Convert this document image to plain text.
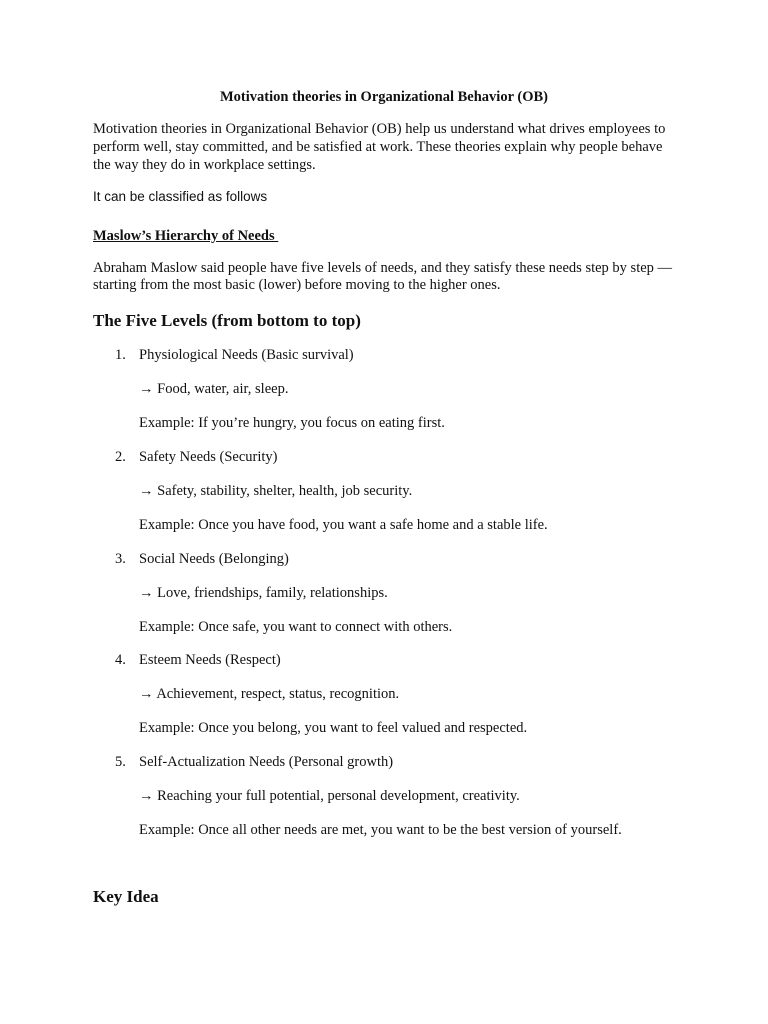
Motivation theories in Organizational Behavior (OB)
Motivation theories in Organizational Behavior (OB) help us understand what drives employees to perform well, stay committed, and be satisfied at work. These theories explain why people behave the way they do in workplace settings.
It can be classified as follows
Maslow’s Hierarchy of Needs
Abraham Maslow said people have five levels of needs, and they satisfy these needs step by step — starting from the most basic (lower) before moving to the higher ones.
The Five Levels (from bottom to top)
1. Physiological Needs (Basic survival)
→ Food, water, air, sleep.
Example: If you’re hungry, you focus on eating first.
2. Safety Needs (Security)
→ Safety, stability, shelter, health, job security.
Example: Once you have food, you want a safe home and a stable life.
3. Social Needs (Belonging)
→ Love, friendships, family, relationships.
Example: Once safe, you want to connect with others.
4. Esteem Needs (Respect)
→ Achievement, respect, status, recognition.
Example: Once you belong, you want to feel valued and respected.
5. Self-Actualization Needs (Personal growth)
→ Reaching your full potential, personal development, creativity.
Example: Once all other needs are met, you want to be the best version of yourself.
Key Idea
